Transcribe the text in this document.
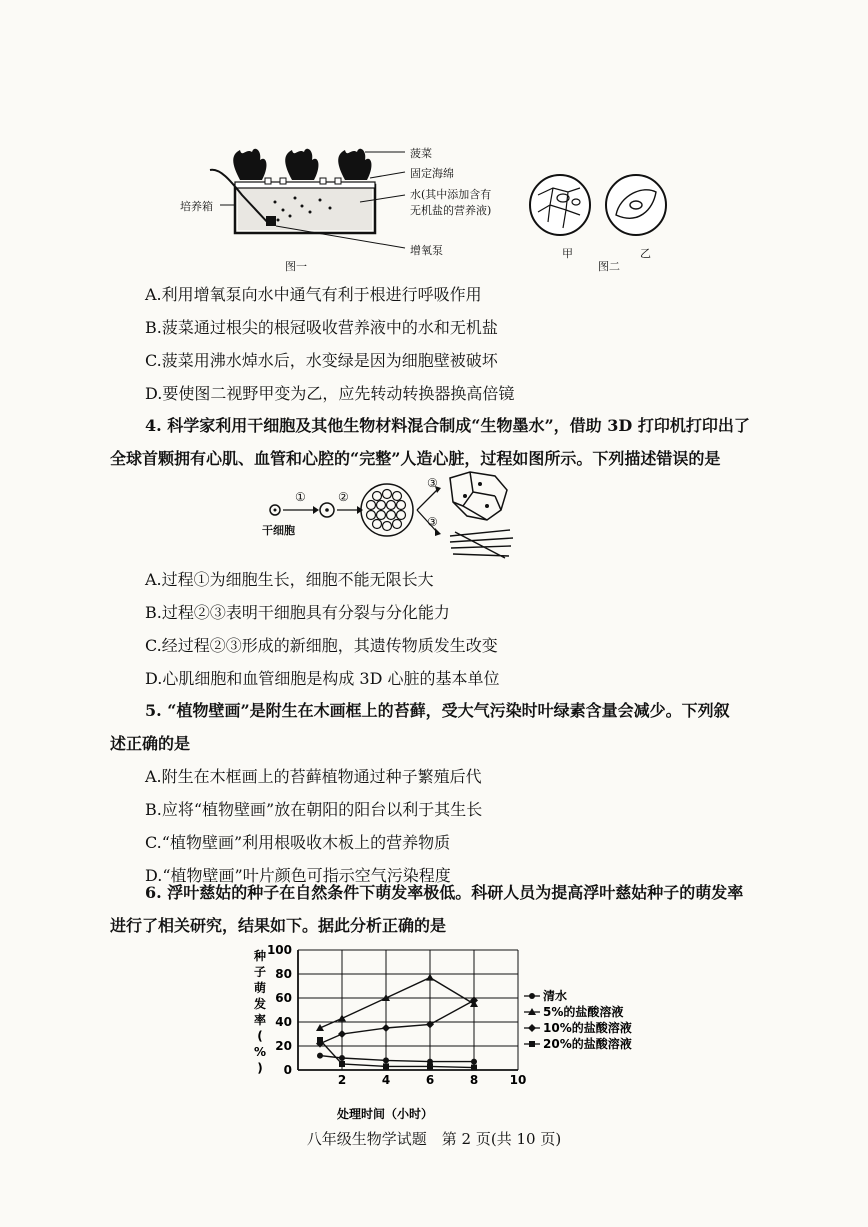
菠菜
固定海绵
水(其中添加含有
无机盐的营养液)
培养箱
增氧泵
图一
甲
图二
乙
A.利用增氧泵向水中通气有利于根进行呼吸作用
B.菠菜通过根尖的根冠吸收营养液中的水和无机盐
C.菠菜用沸水焯水后，水变绿是因为细胞壁被破坏
D.要使图二视野甲变为乙，应先转动转换器换高倍镜
4. 科学家利用干细胞及其他生物材料混合制成“生物墨水”，借助 3D 打印机打印出了
全球首颗拥有心肌、血管和心腔的“完整”人造心脏，过程如图所示。下列描述错误的是
干细胞
①	②
③
③
A.过程①为细胞生长，细胞不能无限长大
B.过程②③表明干细胞具有分裂与分化能力
C.经过程②③形成的新细胞，其遗传物质发生改变
D.心肌细胞和血管细胞是构成 3D 心脏的基本单位
5. “植物壁画”是附生在木画框上的苔藓，受大气污染时叶绿素含量会减少。下列叙
述正确的是
A.附生在木框画上的苔藓植物通过种子繁殖后代
B.应将“植物壁画”放在朝阳的阳台以利于其生长
C.“植物壁画”利用根吸收木板上的营养物质
D.“植物壁画”叶片颜色可指示空气污染程度
6. 浮叶慈姑的种子在自然条件下萌发率极低。科研人员为提高浮叶慈姑种子的萌发率
进行了相关研究，结果如下。据此分析正确的是
0
20
40
60
80
100
2	4	6	8	10
清水
5%的盐酸溶液
10%的盐酸溶液
20%的盐酸溶液
种子萌发率( % )
处理时间（小时）
八年级生物学试题　第 2 页(共 10 页)
